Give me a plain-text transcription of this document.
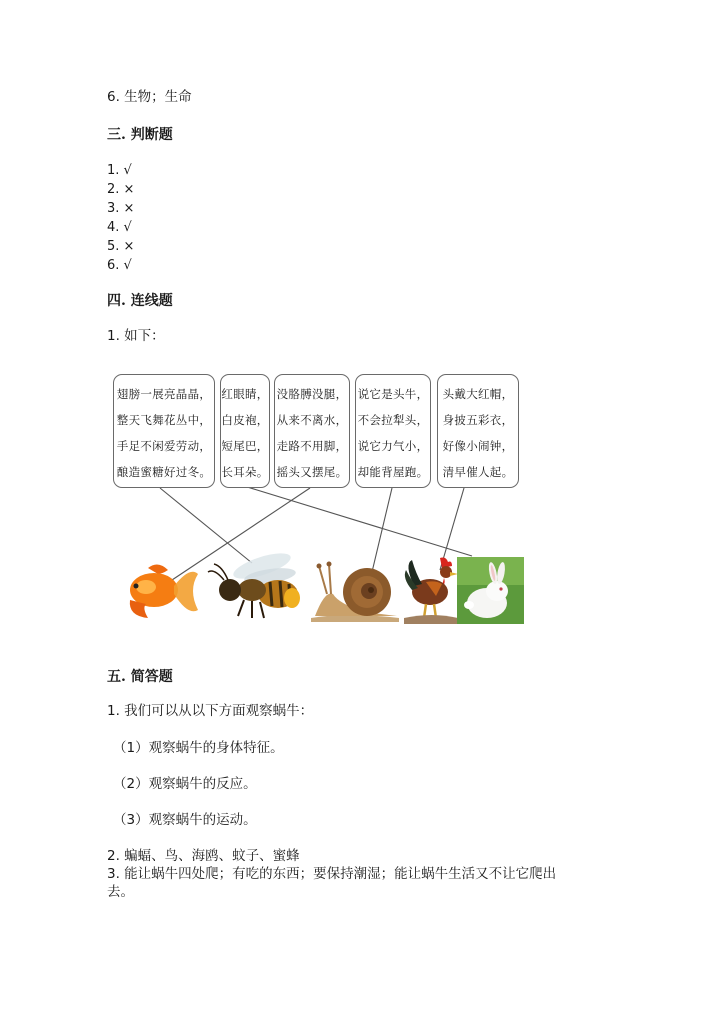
6. 生物；生命
三. 判断题
1. √
2. ×
3. ×
4. √
5. ×
6. √
四. 连线题
1. 如下：
翅膀一展亮晶晶，
整天飞舞花丛中，
手足不闲爱劳动，
酿造蜜糖好过冬。
红眼睛，
白皮袍，
短尾巴，
长耳朵。
没胳膊没腿，
从来不离水，
走路不用脚，
摇头又摆尾。
说它是头牛，
不会拉犁头，
说它力气小，
却能背屋跑。
头戴大红帽，
身披五彩衣，
好像小闹钟，
清早催人起。
五. 简答题
1. 我们可以从以下方面观察蜗牛：
（1）观察蜗牛的身体特征。
（2）观察蜗牛的反应。
（3）观察蜗牛的运动。
2. 蝙蝠、鸟、海鸥、蚊子、蜜蜂
3. 能让蜗牛四处爬；有吃的东西；要保持潮湿；能让蜗牛生活又不让它爬出
去。
